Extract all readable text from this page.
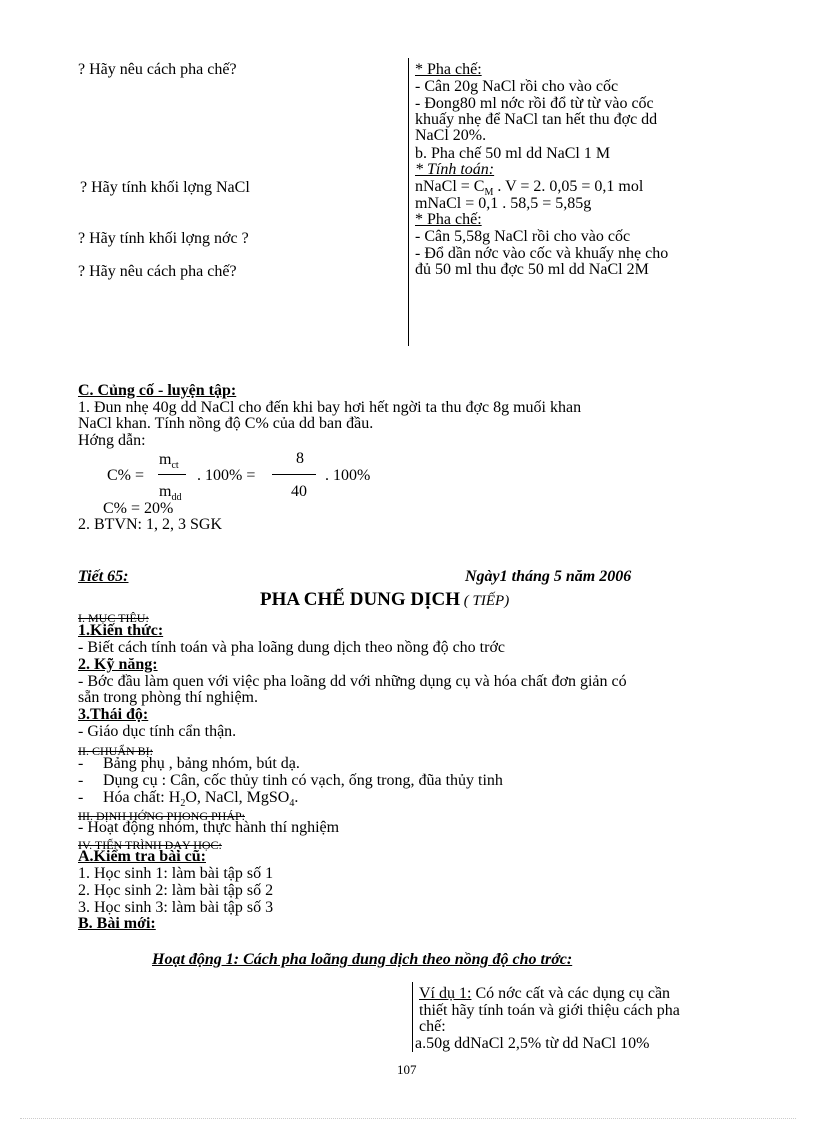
? Hãy nêu cách pha chế?
? Hãy tính khối lợng NaCl
? Hãy tính khối lợng nớc ?
? Hãy nêu cách pha chế?
* Pha chế:
- Cân 20g NaCl rồi cho vào cốc
- Đong80 ml nớc rồi đổ từ từ vào cốc
khuấy nhẹ để NaCl tan hết thu đợc dd
NaCl 20%.
b. Pha chế 50 ml dd NaCl 1 M
* Tính toán:
nNaCl = $C_M$ . V = 2. 0,05 = 0,1 mol
mNaCl = 0,1 . 58,5 = 5,85g
* Pha chế:
- Cân 5,58g NaCl rồi cho vào cốc
- Đổ dần nớc vào cốc và khuấy nhẹ cho
đủ 50 ml thu đợc 50 ml dd NaCl 2M
C. Củng cố - luyện tập:
1. Đun nhẹ 40g dd NaCl cho đến khi bay hơi hết ngời ta thu đợc 8g muối khan
NaCl khan. Tính nồng độ C% của dd ban đầu.
Hớng dẫn:
C% =
$m_{ct}$
$m_{dd}$
. 100% =
8
40
. 100%
C% = 20%
2. BTVN: 1, 2, 3 SGK
Tiết 65:	Ngày1 tháng 5 năm 2006
PHA CHẾ DUNG DỊCH ( TIẾP)
I. MỤC TIÊU:
1.Kiến thức:
- Biết cách tính toán và pha loãng dung dịch theo nồng độ cho trớc
2. Kỹ năng:
- Bớc đầu làm quen với việc pha loãng dd với những dụng cụ và hóa chất đơn giản có
sẵn trong phòng thí nghiệm.
3.Thái độ:
- Giáo dục tính cẩn thận.
II. CHUẨN BỊ:
- Bảng phụ , bảng nhóm, bút dạ.
- Dụng cụ : Cân, cốc thủy tinh có vạch, ống trong, đũa thủy tinh
- Hóa chất: $H_2O$, NaCl, MgSO$_4$.
III. ĐỊNH HỚNG PHONG PHÁP:
- Hoạt động nhóm, thực hành thí nghiệm
IV. TIẾN TRÌNH DẠY HỌC:
A.Kiểm tra bài cũ:
1. Học sinh 1: làm bài tập số 1
2. Học sinh 2: làm bài tập số 2
3. Học sinh 3: làm bài tập số 3
B. Bài mới:
Hoạt động 1: Cách pha loãng dung dịch theo nồng độ cho trớc:
Ví dụ 1: Có nớc cất và các dụng cụ cần
thiết hãy tính toán và giới thiệu cách pha
chế:
a.50g ddNaCl 2,5% từ dd NaCl 10%
107
